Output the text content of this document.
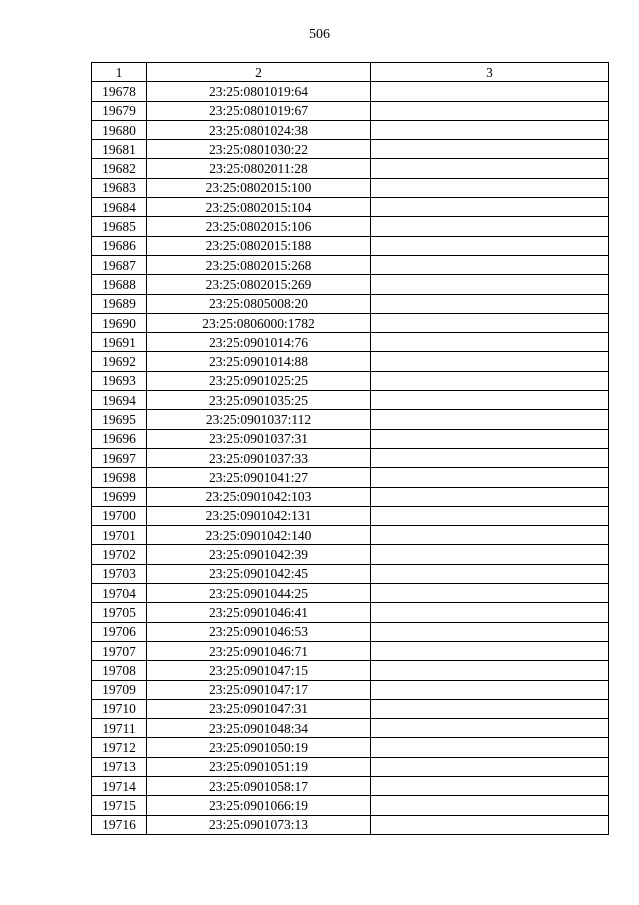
506
1	2	3
19678	23:25:0801019:64	
19679	23:25:0801019:67	
19680	23:25:0801024:38	
19681	23:25:0801030:22	
19682	23:25:0802011:28	
19683	23:25:0802015:100	
19684	23:25:0802015:104	
19685	23:25:0802015:106	
19686	23:25:0802015:188	
19687	23:25:0802015:268	
19688	23:25:0802015:269	
19689	23:25:0805008:20	
19690	23:25:0806000:1782	
19691	23:25:0901014:76	
19692	23:25:0901014:88	
19693	23:25:0901025:25	
19694	23:25:0901035:25	
19695	23:25:0901037:112	
19696	23:25:0901037:31	
19697	23:25:0901037:33	
19698	23:25:0901041:27	
19699	23:25:0901042:103	
19700	23:25:0901042:131	
19701	23:25:0901042:140	
19702	23:25:0901042:39	
19703	23:25:0901042:45	
19704	23:25:0901044:25	
19705	23:25:0901046:41	
19706	23:25:0901046:53	
19707	23:25:0901046:71	
19708	23:25:0901047:15	
19709	23:25:0901047:17	
19710	23:25:0901047:31	
19711	23:25:0901048:34	
19712	23:25:0901050:19	
19713	23:25:0901051:19	
19714	23:25:0901058:17	
19715	23:25:0901066:19	
19716	23:25:0901073:13	
